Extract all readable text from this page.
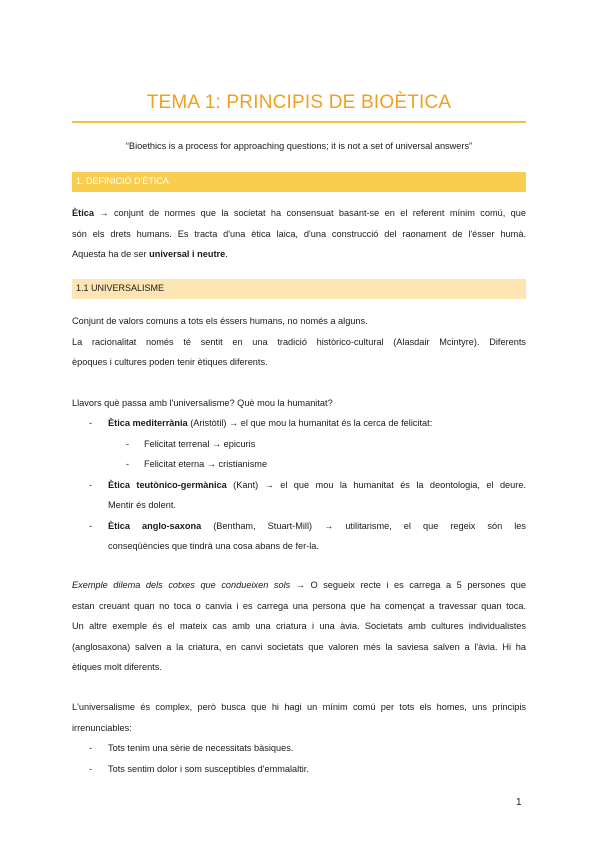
TEMA 1: PRINCIPIS DE BIOÈTICA
“Bioethics is a process for approaching questions; it is not a set of universal answers”
1. DEFINICIÓ D'ÈTICA

Ètica → conjunt de normes que la societat ha consensuat basant-se en el referent mínim comú, que

són els drets humans. Es tracta d'una ètica laica, d'una construcció del raonament de l'ésser humà.

Aquesta ha de ser universal i neutre.

1.1 UNIVERSALISME

Conjunt de valors comuns a tots els éssers humans, no només a alguns.

La racionalitat només té sentit en una tradició històrico-cultural (Alasdair Mcintyre). Diferents

èpoques i cultures poden tenir ètiques diferents.

Llavors què passa amb l'universalisme? Què mou la humanitat?

- Ètica mediterrània (Aristòtil) → el que mou la humanitat és la cerca de felicitat:
- Felicitat terrenal → epicuris
- Felicitat eterna → cristianisme
- Ètica teutònico-germànica (Kant) → el que mou la humanitat és la deontologia, el deure.
Mentir és dolent.
- Ètica anglo-saxona (Bentham, Stuart-Mill) → utilitarisme, el que regeix són les
conseqüències que tindrà una cosa abans de fer-la.

Exemple dilema dels cotxes que condueixen sols → O segueix recte i es carrega a 5 persones que

estan creuant quan no toca o canvia i es carrega una persona que ha començat a travessar quan toca.

Un altre exemple és el mateix cas amb una criatura i una àvia. Societats amb cultures individualistes

(anglosaxona) salven a la criatura, en canvi societats que valoren més la saviesa salven a l'àvia. Hi ha

ètiques molt diferents.

L'universalisme és complex, però busca que hi hagi un mínim comú per tots els homes, uns principis

irrenunciables:

- Tots tenim una sèrie de necessitats bàsiques.
- Tots sentim dolor i som susceptibles d'emmalaltir.
1
